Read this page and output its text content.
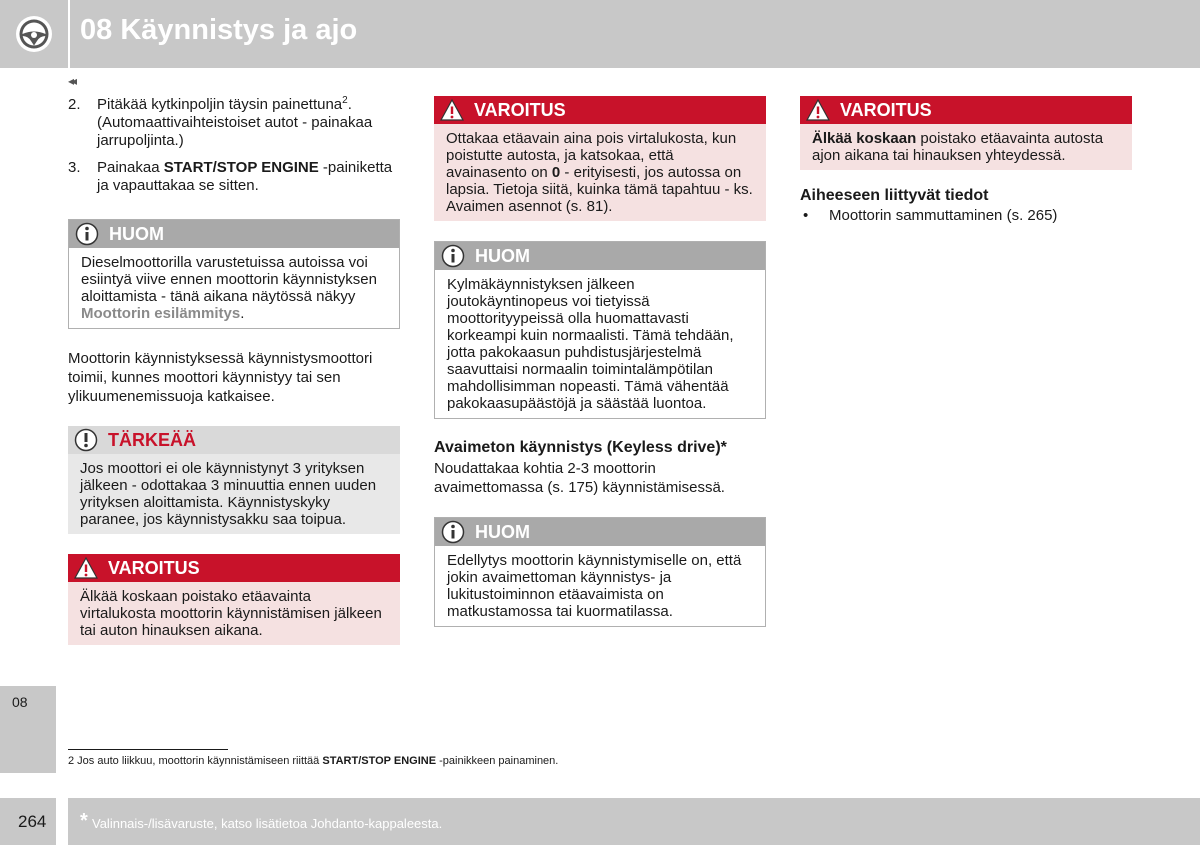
08 Käynnistys ja ajo
◂◂
2. Pitäkää kytkinpoljin täysin painettuna$^2$. (Automaattivaihteistoiset autot - painakaa jarrupoljinta.)
3. Painakaa START/STOP ENGINE -painiketta ja vapauttakaa se sitten.
HUOM
Dieselmoottorilla varustetuissa autoissa voi esiintyä viive ennen moottorin käynnistyksen aloittamista - tänä aikana näytössä näkyy Moottorin esilämmitys.

Moottorin käynnistyksessä käynnistysmoottori toimii, kunnes moottori käynnistyy tai sen ylikuumenemissuoja katkaisee.

TÄRKEÄÄ
Jos moottori ei ole käynnistynyt 3 yrityksen jälkeen - odottakaa 3 minuuttia ennen uuden yrityksen aloittamista. Käynnistyskyky paranee, jos käynnistysakku saa toipua.
VAROITUS
Älkää koskaan poistako etäavainta virtalukosta moottorin käynnistämisen jälkeen tai auton hinauksen aikana.
VAROITUS
Ottakaa etäavain aina pois virtalukosta, kun poistutte autosta, ja katsokaa, että avainasento on 0 - erityisesti, jos autossa on lapsia. Tietoja siitä, kuinka tämä tapahtuu - ks. Avaimen asennot (s. 81).
HUOM
Kylmäkäynnistyksen jälkeen joutokäyntinopeus voi tietyissä moottorityypeissä olla huomattavasti korkeampi kuin normaalisti. Tämä tehdään, jotta pakokaasun puhdistusjärjestelmä saavuttaisi normaalin toimintalämpötilan mahdollisimman nopeasti. Tämä vähentää pakokaasupäästöjä ja säästää luontoa.
Avaimeton käynnistys (Keyless drive)*

Noudattakaa kohtia 2-3 moottorin avaimettomassa (s. 175) käynnistämisessä.

HUOM
Edellytys moottorin käynnistymiselle on, että jokin avaimettoman käynnistys- ja lukitustoiminnon etäavaimista on matkustamossa tai kuormatilassa.
VAROITUS
Älkää koskaan poistako etäavainta autosta ajon aikana tai hinauksen yhteydessä.
Aiheeseen liittyvät tiedot
• Moottorin sammuttaminen (s. 265)
08
2 Jos auto liikkuu, moottorin käynnistämiseen riittää START/STOP ENGINE -painikkeen painaminen.
264 * Valinnais-/lisävaruste, katso lisätietoa Johdanto-kappaleesta.
